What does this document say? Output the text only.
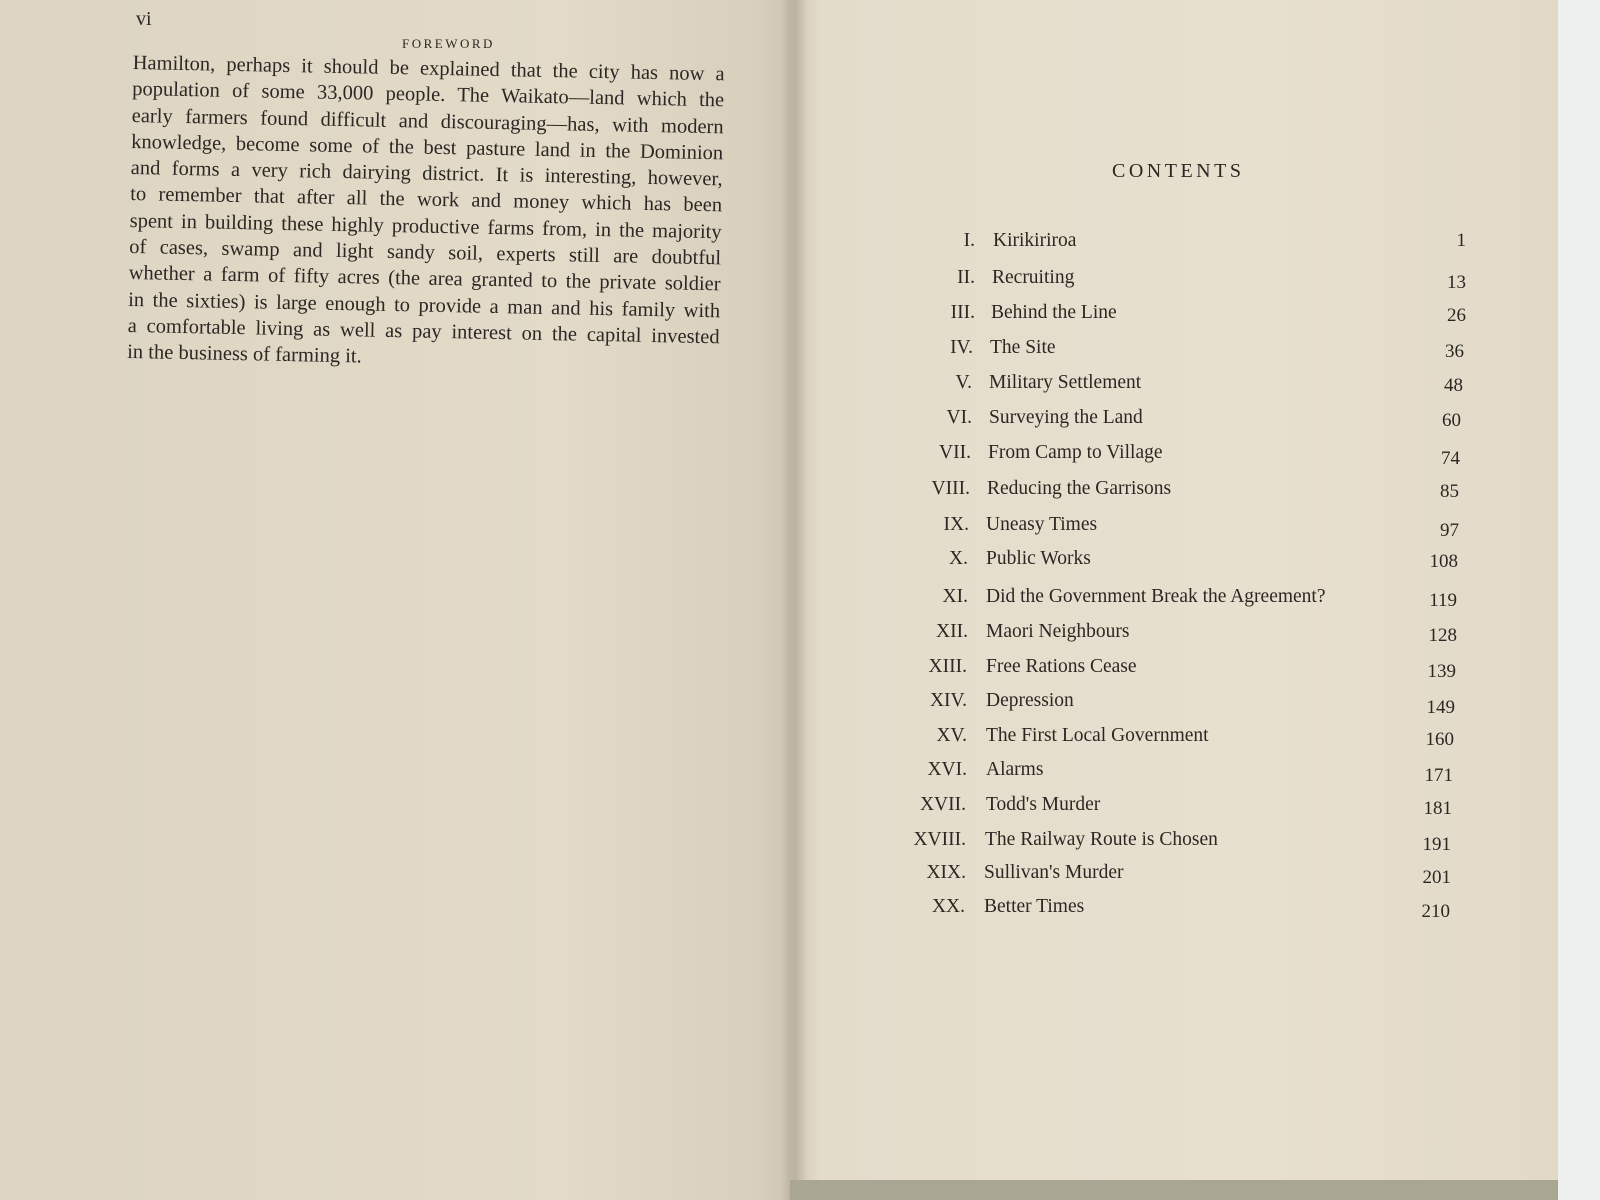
vi
FOREWORD
Hamilton, perhaps it should be explained that the city has now a
population of some 33,000 people. The Waikato—land which the
early farmers found difficult and discouraging—has, with modern
knowledge, become some of the best pasture land in the Dominion
and forms a very rich dairying district. It is interesting, however,
to remember that after all the work and money which has been
spent in building these highly productive farms from, in the majority
of cases, swamp and light sandy soil, experts still are doubtful
whether a farm of fifty acres (the area granted to the private soldier
in the sixties) is large enough to provide a man and his family with
a comfortable living as well as pay interest on the capital invested
in the business of farming it.
CONTENTS
I. Kirikiriroa	1
II. Recruiting	13
III. Behind the Line	26
IV. The Site	36
V. Military Settlement	48
VI. Surveying the Land	60
VII. From Camp to Village	74
VIII. Reducing the Garrisons	85
IX. Uneasy Times	97
X. Public Works	108
XI. Did the Government Break the Agreement?	119
XII. Maori Neighbours	128
XIII. Free Rations Cease	139
XIV. Depression	149
XV. The First Local Government	160
XVI. Alarms	171
XVII. Todd's Murder	181
XVIII. The Railway Route is Chosen	191
XIX. Sullivan's Murder	201
XX. Better Times	210
